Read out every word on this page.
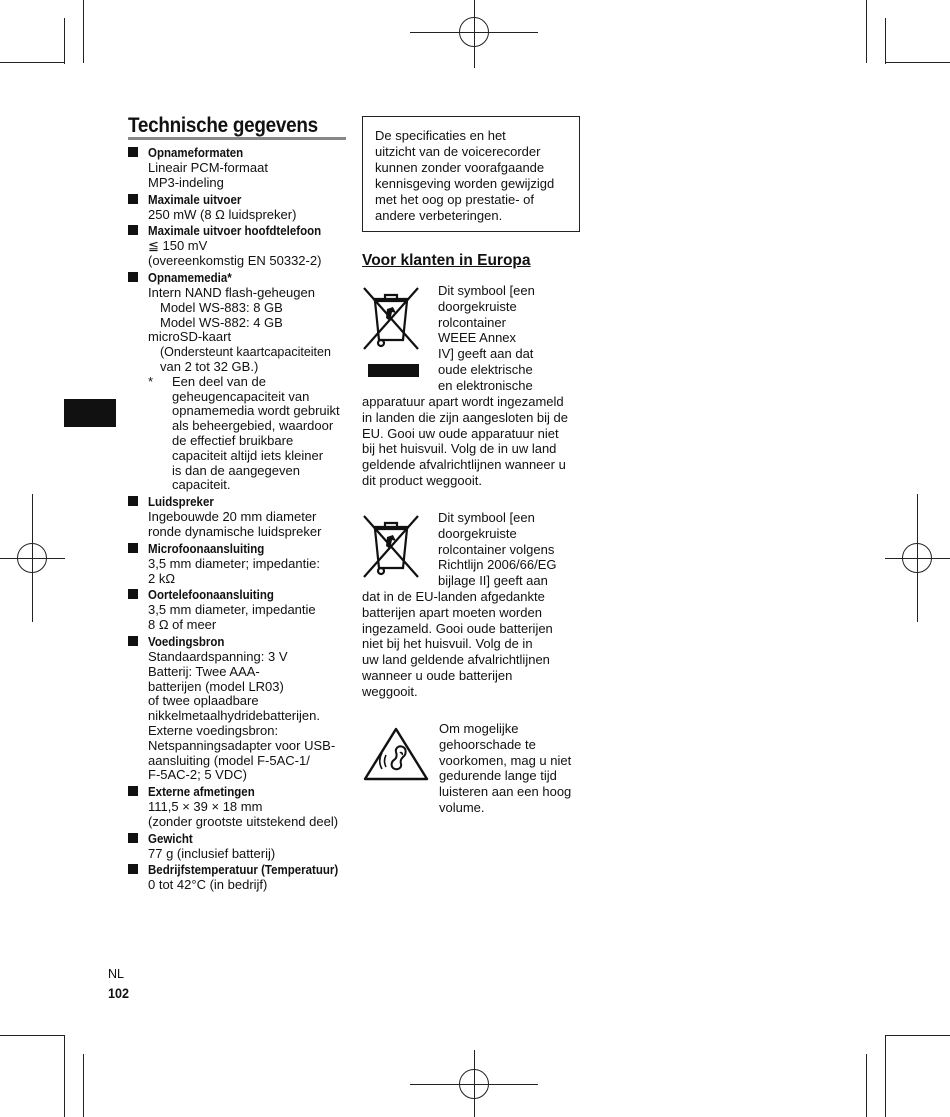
Technische gegevens
Opnameformaten
Lineair PCM-formaat
MP3-indeling
Maximale uitvoer
250 mW (8 Ω luidspreker)
Maximale uitvoer hoofdtelefoon
≦ 150 mV
(overeenkomstig EN 50332-2)
Opnamemedia*
Intern NAND flash-geheugen
Model WS-883: 8 GB
Model WS-882: 4 GB
microSD-kaart
(Ondersteunt kaartcapaciteiten
van 2 tot 32 GB.)
*	Een deel van de
geheugencapaciteit van
opnamemedia wordt gebruikt
als beheergebied, waardoor
de effectief bruikbare
capaciteit altijd iets kleiner
is dan de aangegeven
capaciteit.
Luidspreker
Ingebouwde 20 mm diameter
ronde dynamische luidspreker
Microfoonaansluiting
3,5 mm diameter; impedantie:
2 kΩ
Oortelefoonaansluiting
3,5 mm diameter, impedantie
8 Ω of meer
Voedingsbron
Standaardspanning: 3 V
Batterij: Twee AAA-
batterijen (model LR03)
of twee oplaadbare
nikkelmetaalhydridebatterijen.
Externe voedingsbron:
Netspanningsadapter voor USB-
aansluiting (model F-5AC-1/
F-5AC-2; 5 VDC)
Externe afmetingen
111,5 × 39 × 18 mm
(zonder grootste uitstekend deel)
Gewicht
77 g (inclusief batterij)
Bedrijfstemperatuur (Temperatuur)
0 tot 42°C (in bedrijf)
De specificaties en het
uitzicht van de voicerecorder
kunnen zonder voorafgaande
kennisgeving worden gewijzigd
met het oog op prestatie- of
andere verbeteringen.
Voor klanten in Europa
Dit symbool [een
doorgekruiste
rolcontainer
WEEE Annex
IV] geeft aan dat
oude elektrische
en elektronische
apparatuur apart wordt ingezameld
in landen die zijn aangesloten bij de
EU. Gooi uw oude apparatuur niet
bij het huisvuil. Volg de in uw land
geldende afvalrichtlijnen wanneer u
dit product weggooit.
Dit symbool [een
doorgekruiste
rolcontainer volgens
Richtlijn 2006/66/EG
bijlage II] geeft aan
dat in de EU-landen afgedankte
batterijen apart moeten worden
ingezameld. Gooi oude batterijen
niet bij het huisvuil. Volg de in
uw land geldende afvalrichtlijnen
wanneer u oude batterijen
weggooit.
Om mogelijke
gehoorschade te
voorkomen, mag u niet
gedurende lange tijd
luisteren aan een hoog
volume.
NL
102
